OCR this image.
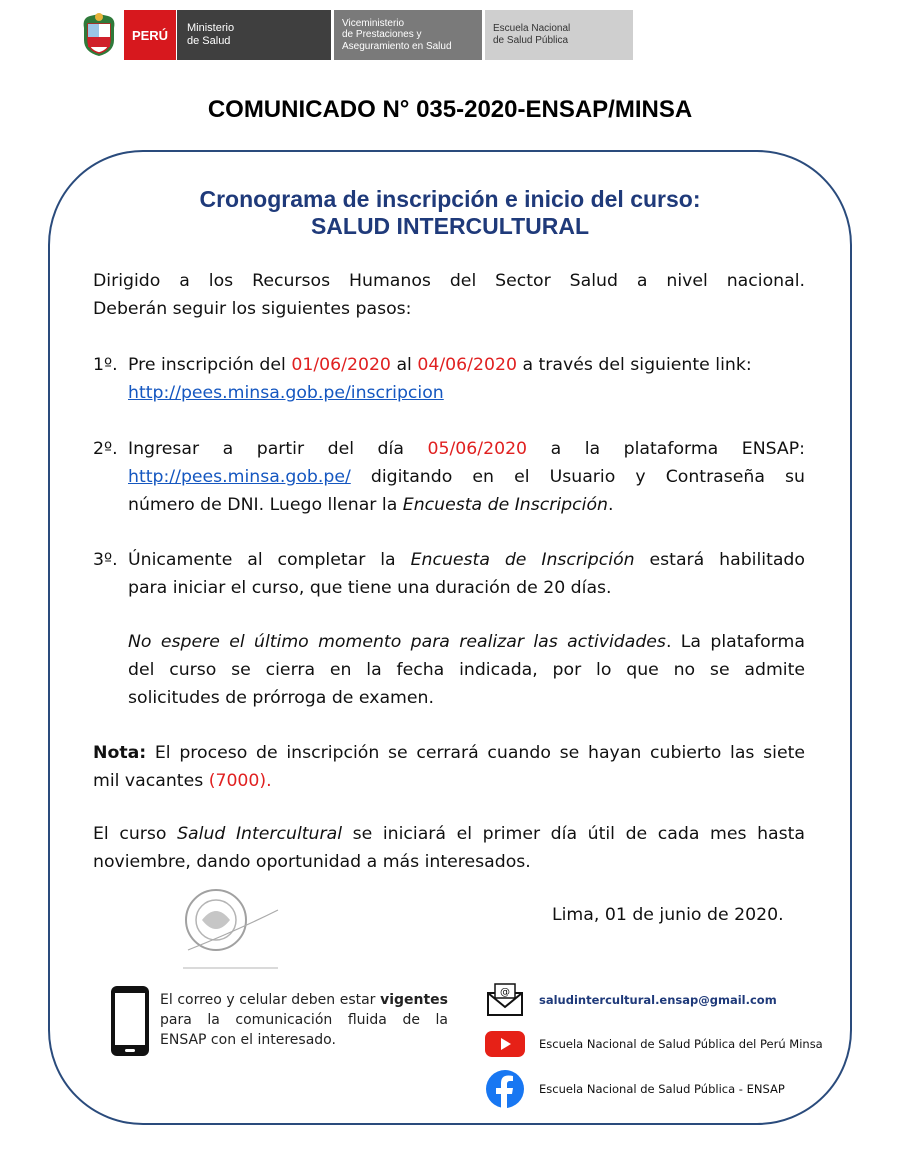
PERÚ Ministerio
de Salud
Viceministerio
de Prestaciones y
Aseguramiento en Salud
Escuela Nacional
de Salud Pública
COMUNICADO N° 035-2020-ENSAP/MINSA
Cronograma de inscripción e inicio del curso:
SALUD INTERCULTURAL
Dirigido a los Recursos Humanos del Sector Salud a nivel nacional.
Deberán seguir los siguientes pasos:
1º. Pre inscripción del 01/06/2020 al 04/06/2020 a través del siguiente link:
http://pees.minsa.gob.pe/inscripcion
2º. Ingresar a partir del día 05/06/2020 a la plataforma ENSAP:
http://pees.minsa.gob.pe/ digitando en el Usuario y Contraseña su
número de DNI. Luego llenar la Encuesta de Inscripción.
3º. Únicamente al completar la Encuesta de Inscripción estará habilitado
para iniciar el curso, que tiene una duración de 20 días.
No espere el último momento para realizar las actividades. La plataforma
del curso se cierra en la fecha indicada, por lo que no se admite
solicitudes de prórroga de examen.
Nota: El proceso de inscripción se cerrará cuando se hayan cubierto las siete
mil vacantes (7000).
El curso Salud Intercultural se iniciará el primer día útil de cada mes hasta
noviembre, dando oportunidad a más interesados.
Lima, 01 de junio de 2020.
El correo y celular deben estar vigentes
para la comunicación fluida de la
ENSAP con el interesado.
@
saludintercultural.ensap@gmail.com
Escuela Nacional de Salud Pública del Perú Minsa
Escuela Nacional de Salud Pública - ENSAP
